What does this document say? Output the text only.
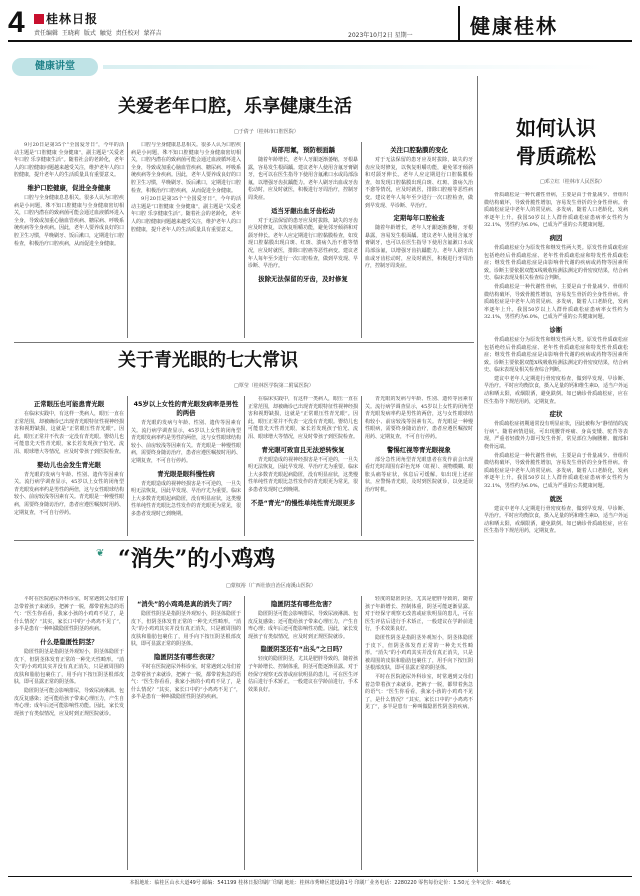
4	桂林日报
责任编辑 王晓莉 版式 触觉 责任校对 蒙祥吉	2023年10月2日 星期一	健康桂林
健康讲堂
关爱老年口腔，乐享健康生活
□于倩子（桂林市口腔医院）

9月20日是第35个“全国爱牙日”，今年的活动主题是“口腔健康 全身健康”，副主题是“关爱老年口腔 乐享健康生活”。随着社会的老龄化，老年人的口腔健康问题越来越受关注，维护老年人的口腔健康，提升老年人的生活质量具有重要意义。

维护口腔健康，促进全身健康

口腔与全身健康息息相关。很多人认为口腔疾病是小问题，殊不知口腔健康与全身健康密切相关，口腔内潜在的致病菌可能会通过血液循环进入全身，导致或加重心脑血管疾病、糖尿病、呼吸系统疾病等全身疾病。因此，老年人要养成良好的口腔卫生习惯，早晚刷牙、饭后漱口，定期进行口腔检查，积极治疗口腔疾病，从而促进全身健康。

口腔与全身健康息息相关。很多人认为口腔疾病是小问题，殊不知口腔健康与全身健康密切相关，口腔内潜在的致病菌可能会通过血液循环进入全身，导致或加重心脑血管疾病、糖尿病、呼吸系统疾病等全身疾病。因此，老年人要养成良好的口腔卫生习惯，早晚刷牙、饭后漱口，定期进行口腔检查，积极治疗口腔疾病，从而促进全身健康。

9月20日是第35个“全国爱牙日”，今年的活动主题是“口腔健康 全身健康”，副主题是“关爱老年口腔 乐享健康生活”。随着社会的老龄化，老年人的口腔健康问题越来越受关注，维护老年人的口腔健康，提升老年人的生活质量具有重要意义。

局部用氟，预防根面龋

随着年龄增长，老年人牙龈逐渐萎缩，牙根暴露，容易发生根面龋。建议老年人使用含氟牙膏刷牙，也可以在医生指导下使用含氟漱口水或局部涂氟，以增强牙齿抗龋能力。老年人刷牙出血或牙齿松动时，应及时就医，积极进行牙周治疗，控制牙周炎症。

适当牙龈出血牙齿松动

对于无法保留的患牙应及时拔除，缺失的牙齿应及时修复，以恢复咀嚼功能，避免邻牙倾斜和对颌牙伸长。老年人应定期进行口腔黏膜检查，如发现口腔黏膜出现白斑、红斑、溃疡久治不愈等情况，应及时就医，排除口腔癌等恶性病变。建议老年人每年至少进行一次口腔检查，做到早发现、早诊断、早治疗。

拔除无法保留的牙齿，及时修复
关注口腔黏膜的变化

对于无法保留的患牙应及时拔除，缺失的牙齿应及时修复，以恢复咀嚼功能，避免邻牙倾斜和对颌牙伸长。老年人应定期进行口腔黏膜检查，如发现口腔黏膜出现白斑、红斑、溃疡久治不愈等情况，应及时就医，排除口腔癌等恶性病变。建议老年人每年至少进行一次口腔检查，做到早发现、早诊断、早治疗。

定期每年口腔检查

随着年龄增长，老年人牙龈逐渐萎缩，牙根暴露，容易发生根面龋。建议老年人使用含氟牙膏刷牙，也可以在医生指导下使用含氟漱口水或局部涂氟，以增强牙齿抗龋能力。老年人刷牙出血或牙齿松动时，应及时就医，积极进行牙周治疗，控制牙周炎症。

关于青光眼的七大常识
□覃莹（桂林医学院第二附属医院）
正常眼压也可能患青光眼

在临床实践中，有这样一类病人，眼压一直在正常范围，却被确诊已出现青光眼特征性视神经损害和视野缺损，这就是“正常眼压性青光眼”。因此，眼压正常并不代表一定没有青光眼。婴幼儿也可能患先天性青光眼，家长若发现孩子怕光、流泪、眼球增大等情况，应及时带孩子到医院检查。

婴幼儿也会发生青光眼

青光眼的发病与年龄、性别、遗传等因素有关。流行病学调查显示，45岁以上女性的闭角型青光眼发病率约是男性的两倍，这与女性眼球结构较小、前房较浅等因素有关。青光眼是一种慢性眼病，需要终身随访治疗，患者应遵医嘱按时用药、定期复查，不可自行停药。

45岁以上女性的青光眼发病率是男性的两倍

青光眼的发病与年龄、性别、遗传等因素有关。流行病学调查显示，45岁以上女性的闭角型青光眼发病率约是男性的两倍，这与女性眼球结构较小、前房较浅等因素有关。青光眼是一种慢性眼病，需要终身随访治疗，患者应遵医嘱按时用药、定期复查，不可自行停药。

青光眼是眼科慢性病

青光眼造成的视神经损害是不可逆的，一旦失明无法恢复，因此早发现、早治疗尤为重要。临床上大多数青光眼起病隐匿，没有明显症状，这类慢性单纯性青光眼比急性发作的青光眼更为常见，很多患者发现时已到晚期。

在临床实践中，有这样一类病人，眼压一直在正常范围，却被确诊已出现青光眼特征性视神经损害和视野缺损，这就是“正常眼压性青光眼”。因此，眼压正常并不代表一定没有青光眼。婴幼儿也可能患先天性青光眼，家长若发现孩子怕光、流泪、眼球增大等情况，应及时带孩子到医院检查。

青光眼可致盲且无法逆转恢复

青光眼造成的视神经损害是不可逆的，一旦失明无法恢复，因此早发现、早治疗尤为重要。临床上大多数青光眼起病隐匿，没有明显症状，这类慢性单纯性青光眼比急性发作的青光眼更为常见，很多患者发现时已到晚期。

不是“青光”的慢性单纯性青光眼更多

青光眼的发病与年龄、性别、遗传等因素有关。流行病学调查显示，45岁以上女性的闭角型青光眼发病率约是男性的两倍，这与女性眼球结构较小、前房较浅等因素有关。青光眼是一种慢性眼病，需要终身随访治疗，患者应遵医嘱按时用药、定期复查，不可自行停药。

警惕红视等青光眼视象

部分急性闭角型青光眼患者在发作前会出现看灯光时周围有彩色光环（虹视）、视物模糊、眼胀头痛等症状，休息后可缓解。如出现上述症状，应警惕青光眼，及时到医院就诊，以免延误治疗时机。

“消失”的小鸡鸡
❦
□蒙权裕（广西壮族自治区南溪山医院）

平时在医院泌尿外科诊室，时常遇到父母们着急带着孩子来就诊，把裤子一脱，都带着焦急的语气：“医生你看看，我家小孩的小鸡鸡不见了，是什么情况？”其实，家长口中的“小鸡鸡不见了”，多半是患有一种叫做隐匿性阴茎的疾病。

什么是隐匿性阴茎？

隐匿性阴茎是指阴茎外观短小，阴茎体隐匿于皮下，但阴茎体发育正常的一种先天性畸形。“消失”的小鸡鸡其实并没有真正消失，只是被周围的皮肤和脂肪包裹住了，用手向下按压阴茎根部皮肤，即可显露正常的阴茎体。

隐匿阴茎可能会影响排尿，导致尿液淋漓、包皮反复感染；还可能给孩子带来心理压力，产生自卑心理；成年后还可能影响性功能。因此，家长发现孩子有类似情况，应及时到正规医院就诊。

“消失”的小鸡鸡是真的消失了吗？

隐匿性阴茎是指阴茎外观短小，阴茎体隐匿于皮下，但阴茎体发育正常的一种先天性畸形。“消失”的小鸡鸡其实并没有真正消失，只是被周围的皮肤和脂肪包裹住了，用手向下按压阴茎根部皮肤，即可显露正常的阴茎体。

隐匿阴茎有哪些表现？

平时在医院泌尿外科诊室，时常遇到父母们着急带着孩子来就诊，把裤子一脱，都带着焦急的语气：“医生你看看，我家小孩的小鸡鸡不见了，是什么情况？”其实，家长口中的“小鸡鸡不见了”，多半是患有一种叫做隐匿性阴茎的疾病。

隐匿阴茎有哪些危害？

隐匿阴茎可能会影响排尿，导致尿液淋漓、包皮反复感染；还可能给孩子带来心理压力，产生自卑心理；成年后还可能影响性功能。因此，家长发现孩子有类似情况，应及时到正规医院就诊。

隐匿阴茎还有“出头”之日吗？

轻度的隐匿阴茎，尤其是肥胖导致的，随着孩子年龄增长、控制体重，阴茎可能逐渐显露。对于经保守观察无改善或症状明显的患儿，可在医生评估后进行手术矫正，一般建议在学龄前进行，手术效果良好。

轻度的隐匿阴茎，尤其是肥胖导致的，随着孩子年龄增长、控制体重，阴茎可能逐渐显露。对于经保守观察无改善或症状明显的患儿，可在医生评估后进行手术矫正，一般建议在学龄前进行，手术效果良好。

隐匿性阴茎是指阴茎外观短小，阴茎体隐匿于皮下，但阴茎体发育正常的一种先天性畸形。“消失”的小鸡鸡其实并没有真正消失，只是被周围的皮肤和脂肪包裹住了，用手向下按压阴茎根部皮肤，即可显露正常的阴茎体。

平时在医院泌尿外科诊室，时常遇到父母们着急带着孩子来就诊，把裤子一脱，都带着焦急的语气：“医生你看看，我家小孩的小鸡鸡不见了，是什么情况？”其实，家长口中的“小鸡鸡不见了”，多半是患有一种叫做隐匿性阴茎的疾病。

如何认识
骨质疏松
□邓立红（桂林市人民医院）

骨质疏松是一种代谢性骨病，主要是由于骨量减少、骨组织微结构破坏，导致骨脆性增加，容易发生骨折的全身性骨病。骨质疏松症是中老年人的常见病、多发病，随着人口老龄化，发病率逐年上升。我国50岁以上人群骨质疏松症患病率女性约为32.1%，男性约为6.0%，已成为严重的公共健康问题。

病因

骨质疏松症分为原发性和继发性两大类。原发性骨质疏松症包括绝经后骨质疏松症、老年性骨质疏松症和特发性骨质疏松症；继发性骨质疏松症是由影响骨代谢的疾病或药物等因素所致。诊断主要依据双能X线吸收检测法测定的骨密度结果，结合病史、临床表现及相关检查综合判断。

骨质疏松是一种代谢性骨病，主要是由于骨量减少、骨组织微结构破坏，导致骨脆性增加，容易发生骨折的全身性骨病。骨质疏松症是中老年人的常见病、多发病，随着人口老龄化，发病率逐年上升。我国50岁以上人群骨质疏松症患病率女性约为32.1%，男性约为6.0%，已成为严重的公共健康问题。

诊断

骨质疏松症分为原发性和继发性两大类。原发性骨质疏松症包括绝经后骨质疏松症、老年性骨质疏松症和特发性骨质疏松症；继发性骨质疏松症是由影响骨代谢的疾病或药物等因素所致。诊断主要依据双能X线吸收检测法测定的骨密度结果，结合病史、临床表现及相关检查综合判断。

建议中老年人定期进行骨密度检查，做到早发现、早诊断、早治疗。平时应均衡饮食，摄入足量的钙和维生素D，适当户外运动和晒太阳，戒烟限酒，避免跌倒。如已确诊骨质疏松症，应在医生指导下规范用药，定期复查。

症状

骨质疏松症初期通常没有明显症状，因此被称为“静悄悄的流行病”。随着病情进展，可出现腰背疼痛、身高变矮、驼背等表现，严重者轻微外力即可发生骨折，常见部位为胸腰椎、髋部和桡骨远端。

骨质疏松是一种代谢性骨病，主要是由于骨量减少、骨组织微结构破坏，导致骨脆性增加，容易发生骨折的全身性骨病。骨质疏松症是中老年人的常见病、多发病，随着人口老龄化，发病率逐年上升。我国50岁以上人群骨质疏松症患病率女性约为32.1%，男性约为6.0%，已成为严重的公共健康问题。

就医

建议中老年人定期进行骨密度检查，做到早发现、早诊断、早治疗。平时应均衡饮食，摄入足量的钙和维生素D，适当户外运动和晒太阳，戒烟限酒，避免跌倒。如已确诊骨质疏松症，应在医生指导下规范用药，定期复查。

本报地址：临桂区山水大道49号 邮编：541199 桂林日报印刷厂印刷 地址：桂林市秀峰区建设路1号 印刷厂业务电话：2280220 零售每份定价：1.50元 全年定价：468元
